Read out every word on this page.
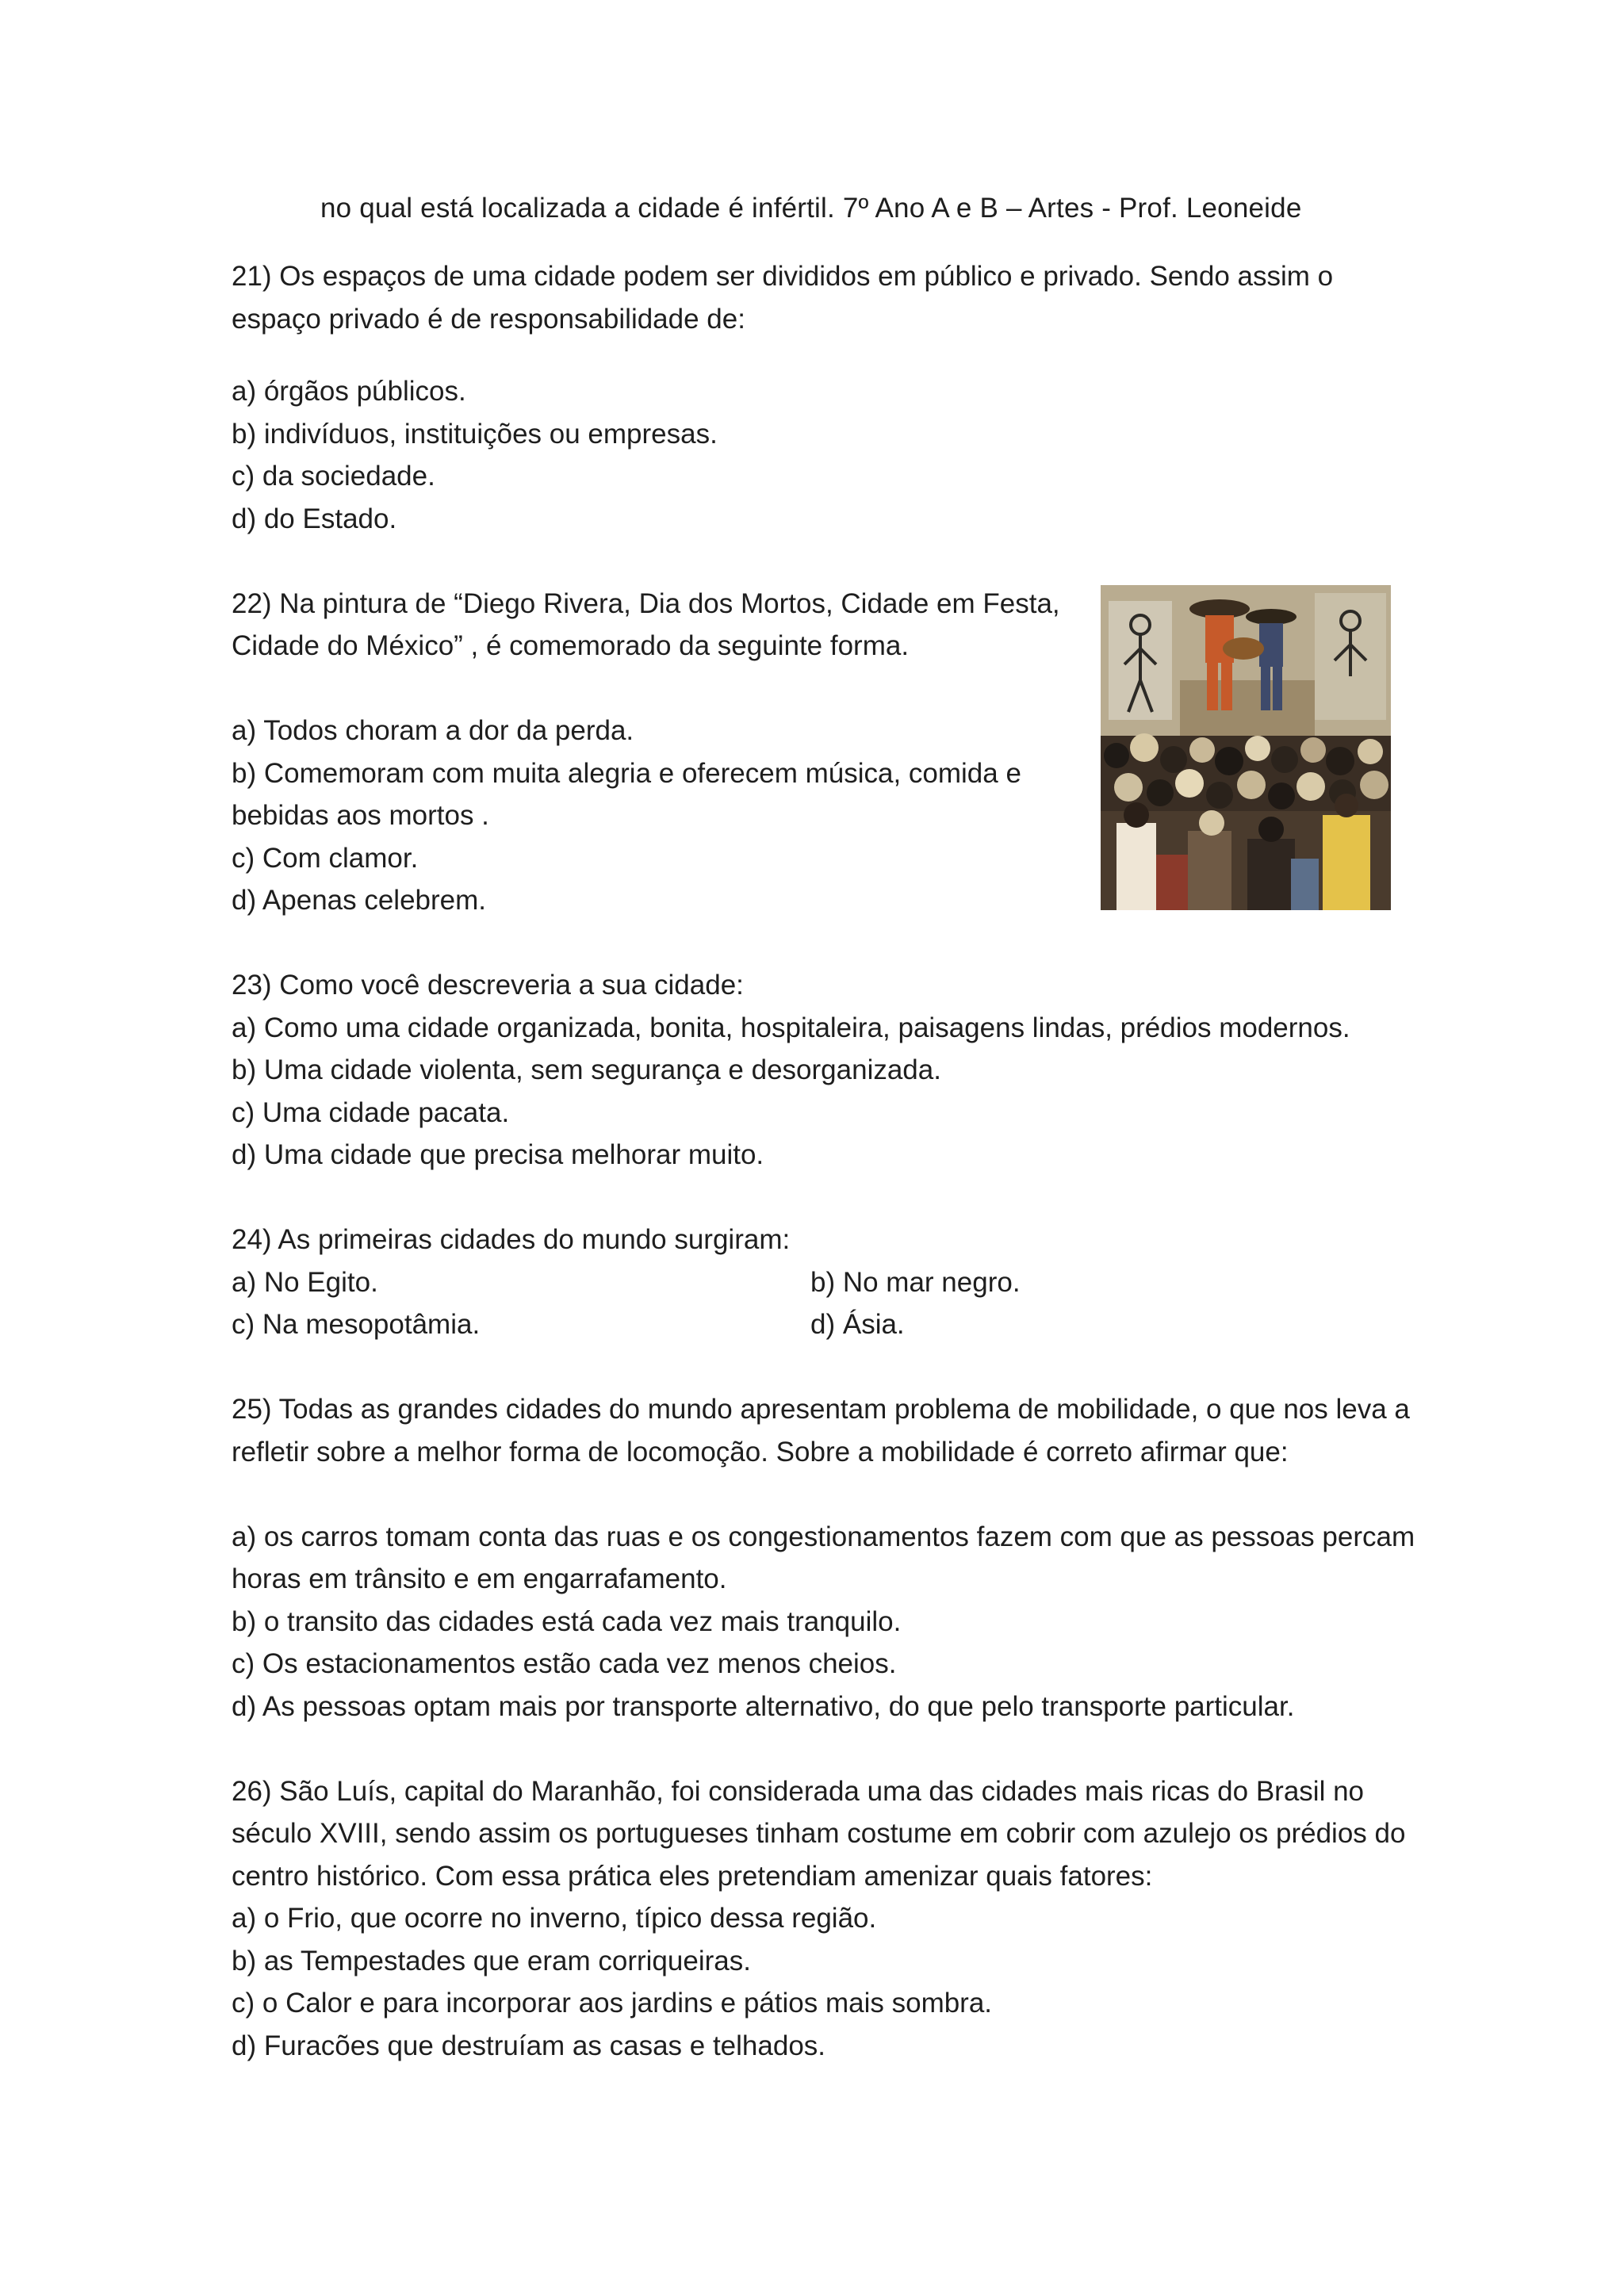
no qual está localizada a cidade é infértil. 7º Ano A e B – Artes - Prof. Leoneide
21) Os espaços de uma cidade podem ser divididos em público e privado. Sendo assim o
espaço privado é de responsabilidade de:
a) órgãos públicos.
b) indivíduos, instituições ou empresas.
c) da sociedade.
d) do Estado.
22) Na pintura de “Diego Rivera, Dia dos Mortos, Cidade em Festa,
Cidade do México” , é comemorado da seguinte forma.
a) Todos choram a dor da perda.
b) Comemoram com muita alegria e oferecem música, comida e
bebidas aos mortos .
c) Com clamor.
d) Apenas celebrem.
23) Como você descreveria a sua cidade:
a) Como uma cidade organizada, bonita, hospitaleira, paisagens lindas, prédios modernos.
b) Uma cidade violenta, sem segurança e desorganizada.
c) Uma cidade pacata.
d) Uma cidade que precisa melhorar muito.
24) As primeiras cidades do mundo surgiram:
a) No Egito.	b) No mar negro.
c) Na mesopotâmia.	d) Ásia.
25) Todas as grandes cidades do mundo apresentam problema de mobilidade, o que nos leva a
refletir sobre a melhor forma de locomoção. Sobre a mobilidade é correto afirmar que:
a) os carros tomam conta das ruas e os congestionamentos fazem com que as pessoas percam
horas em trânsito e em engarrafamento.
b) o transito das cidades está cada vez mais tranquilo.
c) Os estacionamentos estão cada vez menos cheios.
d) As pessoas optam mais por transporte alternativo, do que pelo transporte particular.
26) São Luís, capital do Maranhão, foi considerada uma das cidades mais ricas do Brasil no
século XVIII, sendo assim os portugueses tinham costume em cobrir com azulejo os prédios do
centro histórico. Com essa prática eles pretendiam amenizar quais fatores:
a) o Frio, que ocorre no inverno, típico dessa região.
b) as Tempestades que eram corriqueiras.
c) o Calor e para incorporar aos jardins e pátios mais sombra.
d) Furacões que destruíam as casas e telhados.
